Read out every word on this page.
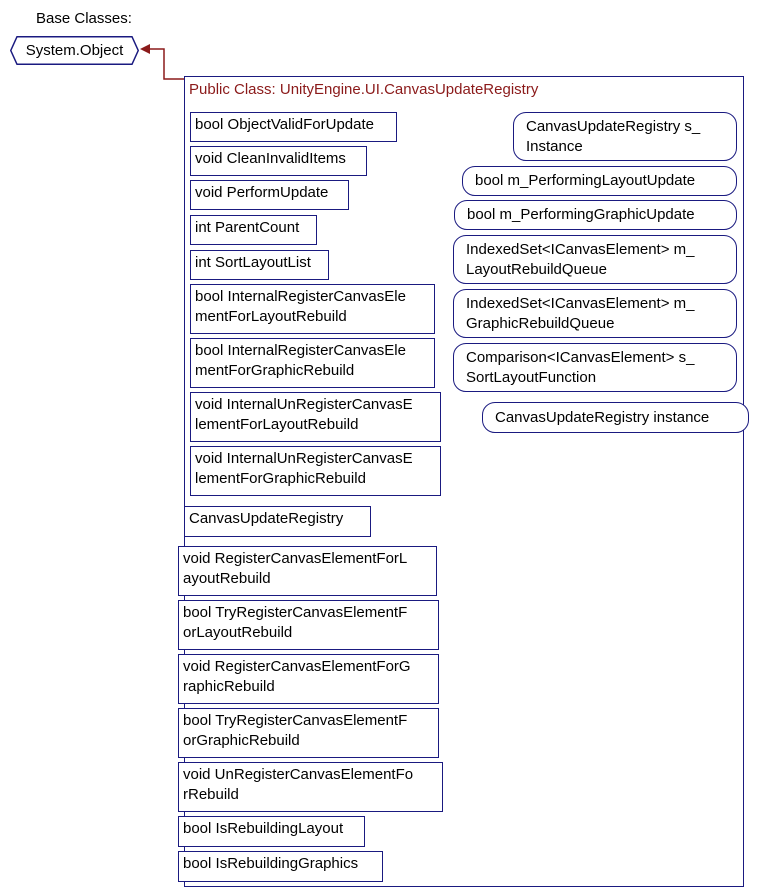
Base Classes:
System.Object
Public Class: UnityEngine.UI.CanvasUpdateRegistry
bool ObjectValidForUpdate
void CleanInvalidItems
void PerformUpdate
int ParentCount
int SortLayoutList
bool InternalRegisterCanvasEle
mentForLayoutRebuild
bool InternalRegisterCanvasEle
mentForGraphicRebuild
void InternalUnRegisterCanvasE
lementForLayoutRebuild
void InternalUnRegisterCanvasE
lementForGraphicRebuild
CanvasUpdateRegistry
void RegisterCanvasElementForL
ayoutRebuild
bool TryRegisterCanvasElementF
orLayoutRebuild
void RegisterCanvasElementForG
raphicRebuild
bool TryRegisterCanvasElementF
orGraphicRebuild
void UnRegisterCanvasElementFo
rRebuild
bool IsRebuildingLayout
bool IsRebuildingGraphics
CanvasUpdateRegistry s_
Instance
bool m_PerformingLayoutUpdate
bool m_PerformingGraphicUpdate
IndexedSet<ICanvasElement> m_
LayoutRebuildQueue
IndexedSet<ICanvasElement> m_
GraphicRebuildQueue
Comparison<ICanvasElement> s_
SortLayoutFunction
CanvasUpdateRegistry instance
